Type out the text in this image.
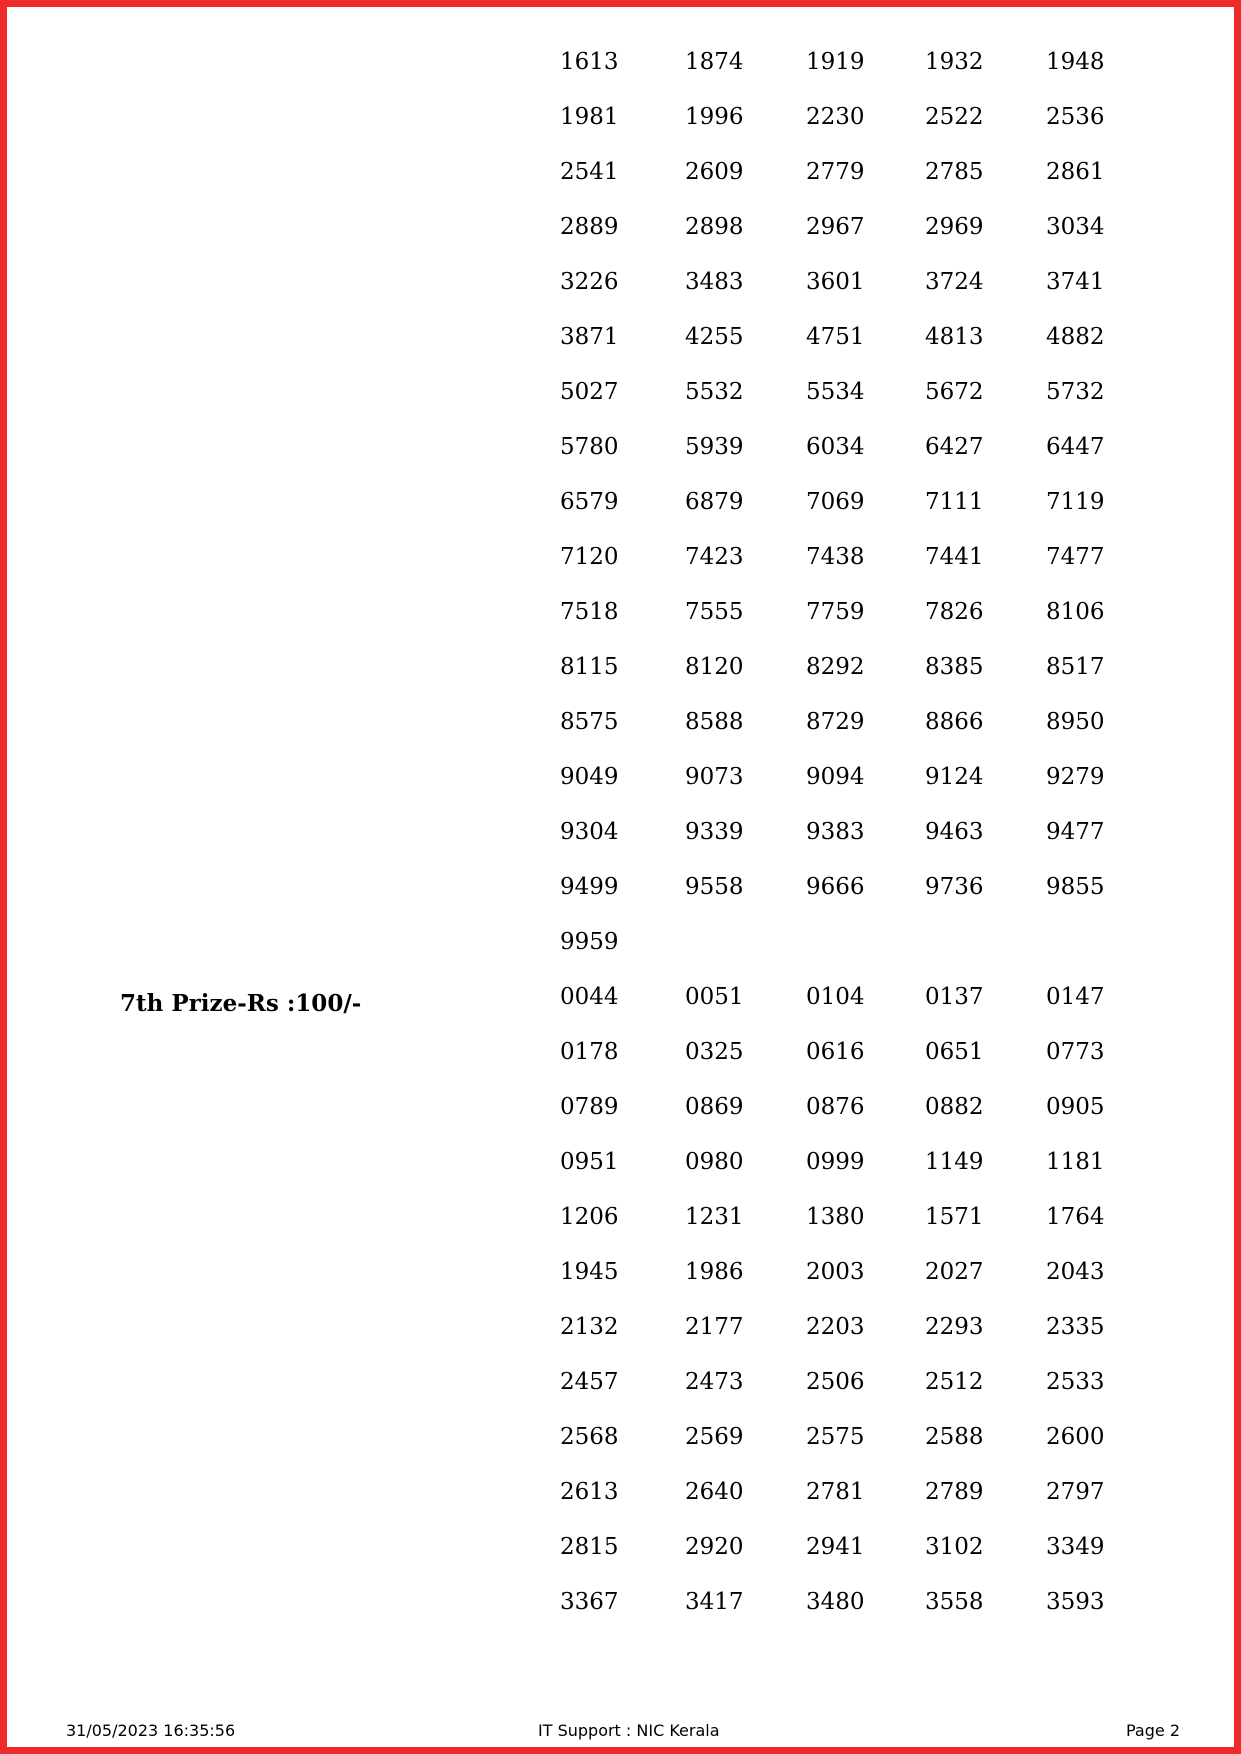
7th Prize-Rs :100/-
1613	1874	1919	1932	1948
1981	1996	2230	2522	2536
2541	2609	2779	2785	2861
2889	2898	2967	2969	3034
3226	3483	3601	3724	3741
3871	4255	4751	4813	4882
5027	5532	5534	5672	5732
5780	5939	6034	6427	6447
6579	6879	7069	7111	7119
7120	7423	7438	7441	7477
7518	7555	7759	7826	8106
8115	8120	8292	8385	8517
8575	8588	8729	8866	8950
9049	9073	9094	9124	9279
9304	9339	9383	9463	9477
9499	9558	9666	9736	9855
9959
0044	0051	0104	0137	0147
0178	0325	0616	0651	0773
0789	0869	0876	0882	0905
0951	0980	0999	1149	1181
1206	1231	1380	1571	1764
1945	1986	2003	2027	2043
2132	2177	2203	2293	2335
2457	2473	2506	2512	2533
2568	2569	2575	2588	2600
2613	2640	2781	2789	2797
2815	2920	2941	3102	3349
3367	3417	3480	3558	3593
31/05/2023 16:35:56	IT Support : NIC Kerala	Page 2
